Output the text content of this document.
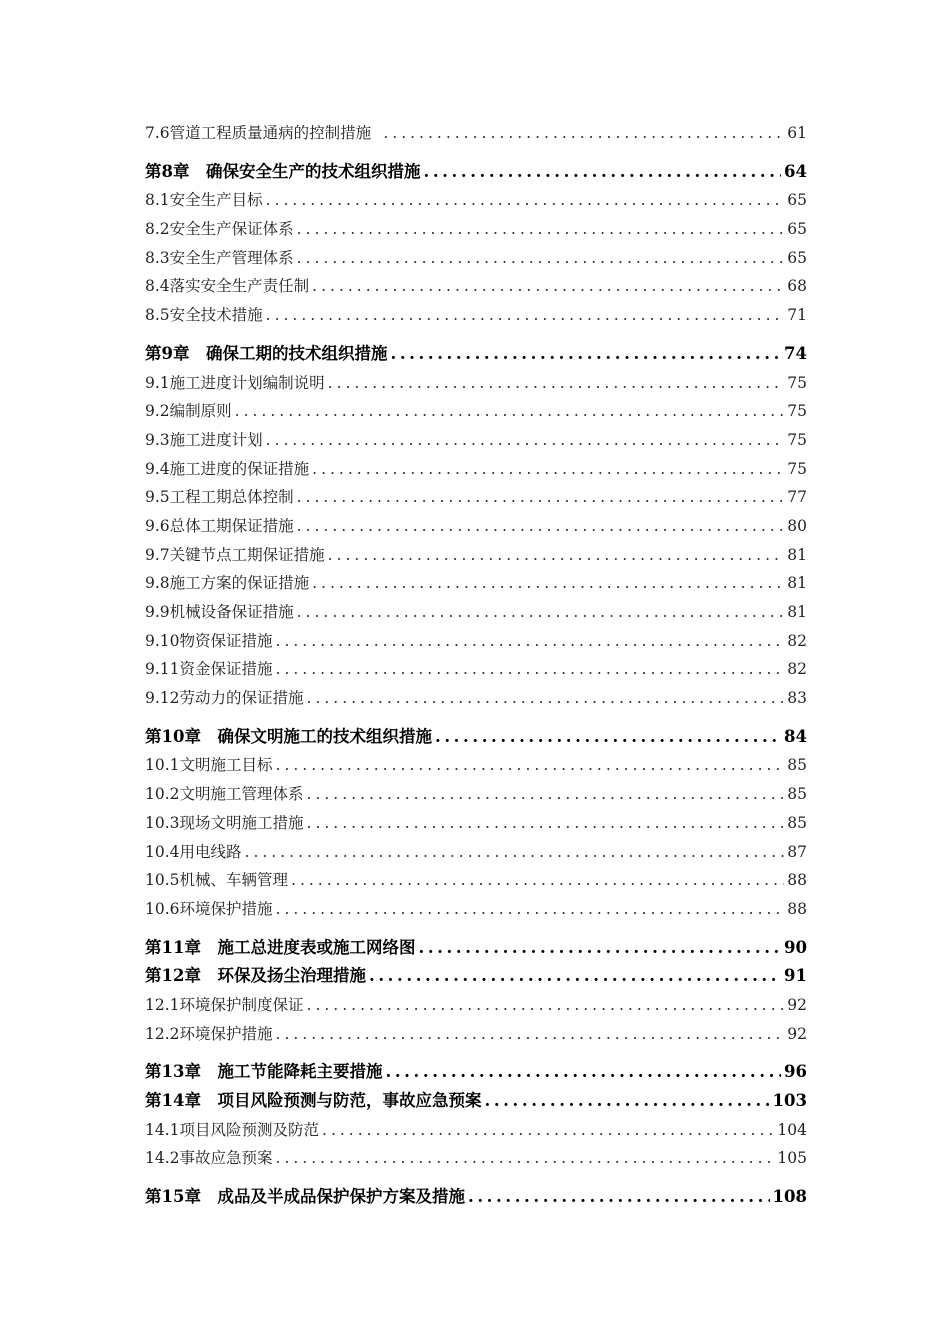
7.6管道工程质量通病的控制措施 .....	61
第8章　确保安全生产的技术组织措施 .....	64
8.1安全生产目标 .....	65
8.2安全生产保证体系 .....	65
8.3安全生产管理体系 .....	65
8.4落实安全生产责任制 .....	68
8.5安全技术措施 .....	71
第9章　确保工期的技术组织措施 .....	74
9.1施工进度计划编制说明 .....	75
9.2编制原则 .....	75
9.3施工进度计划 .....	75
9.4施工进度的保证措施 .....	75
9.5工程工期总体控制 .....	77
9.6总体工期保证措施 .....	80
9.7关键节点工期保证措施 .....	81
9.8施工方案的保证措施 .....	81
9.9机械设备保证措施 .....	81
9.10物资保证措施 .....	82
9.11资金保证措施 .....	82
9.12劳动力的保证措施 .....	83
第10章　确保文明施工的技术组织措施 .....	84
10.1文明施工目标 .....	85
10.2文明施工管理体系 .....	85
10.3现场文明施工措施 .....	85
10.4用电线路 .....	87
10.5机械、车辆管理 .....	88
10.6环境保护措施 .....	88
第11章　施工总进度表或施工网络图 .....	90
第12章　环保及扬尘治理措施 .....	91
12.1环境保护制度保证 .....	92
12.2环境保护措施 .....	92
第13章　施工节能降耗主要措施 .....	96
第14章　项目风险预测与防范，事故应急预案 .....	103
14.1项目风险预测及防范 .....	104
14.2事故应急预案 .....	105
第15章　成品及半成品保护保护方案及措施 .....	108
